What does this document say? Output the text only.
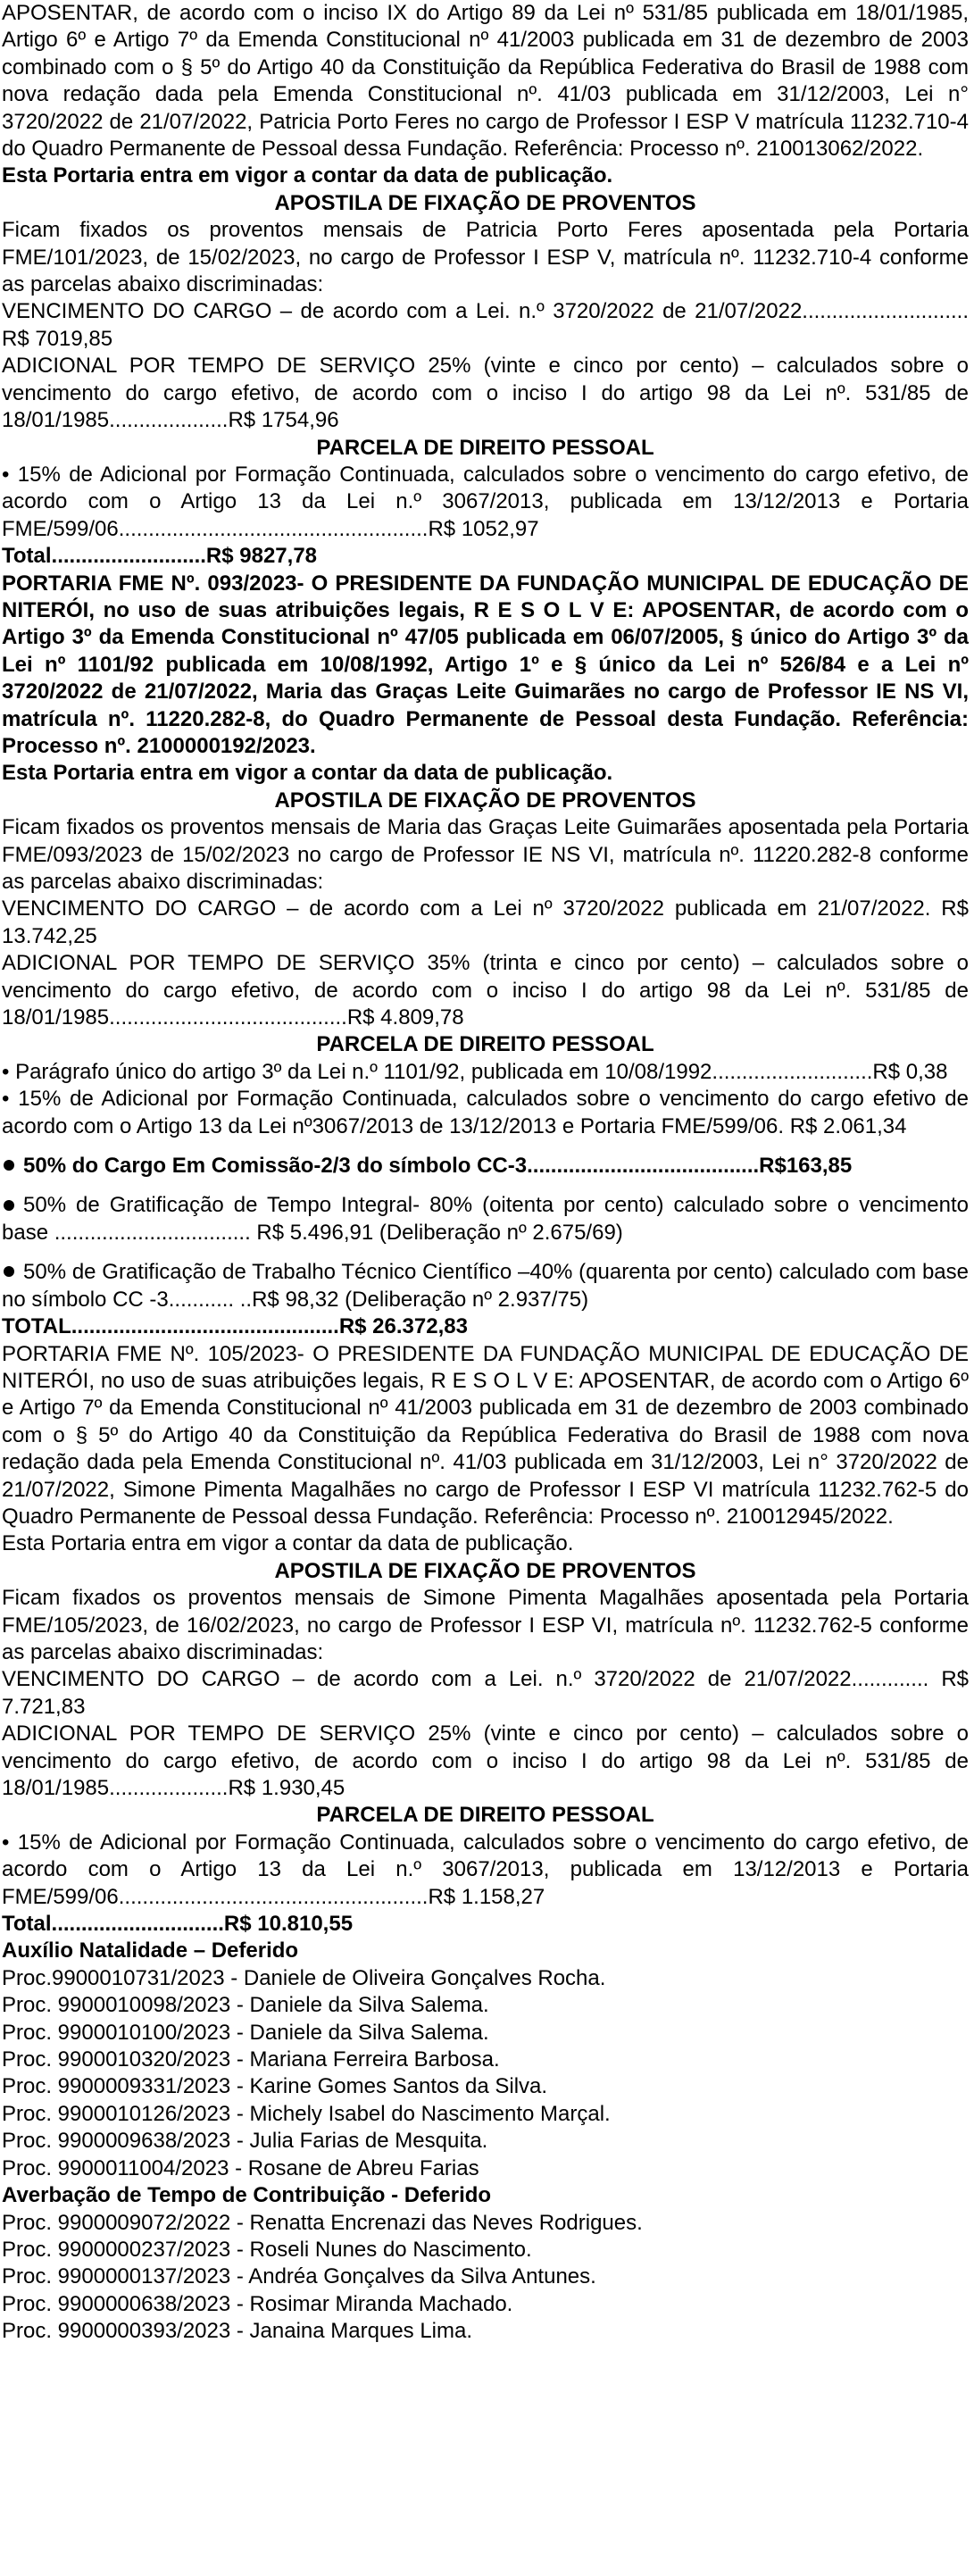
APOSENTAR, de acordo com o inciso IX do Artigo 89 da Lei nº 531/85 publicada em 18/01/1985, Artigo 6º e Artigo 7º da Emenda Constitucional nº 41/2003 publicada em 31 de dezembro de 2003 combinado com o § 5º do Artigo 40 da Constituição da República Federativa do Brasil de 1988 com nova redação dada pela Emenda Constitucional nº. 41/03 publicada em 31/12/2003, Lei n° 3720/2022 de 21/07/2022, Patricia Porto Feres no cargo de Professor I ESP V matrícula 11232.710-4 do Quadro Permanente de Pessoal dessa Fundação. Referência: Processo nº. 210013062/2022.

Esta Portaria entra em vigor a contar da data de publicação.

APOSTILA DE FIXAÇÃO DE PROVENTOS

Ficam fixados os proventos mensais de Patricia Porto Feres aposentada pela Portaria FME/101/2023, de 15/02/2023, no cargo de Professor I ESP V, matrícula nº. 11232.710-4 conforme as parcelas abaixo discriminadas:

VENCIMENTO DO CARGO – de acordo com a Lei. n.º 3720/2022 de 21/07/2022............................ R$ 7019,85

ADICIONAL POR TEMPO DE SERVIÇO 25% (vinte e cinco por cento) – calculados sobre o vencimento do cargo efetivo, de acordo com o inciso I do artigo 98 da Lei nº. 531/85 de 18/01/1985....................R$ 1754,96

PARCELA DE DIREITO PESSOAL

• 15% de Adicional por Formação Continuada, calculados sobre o vencimento do cargo efetivo, de acordo com o Artigo 13 da Lei n.º 3067/2013, publicada em 13/12/2013 e Portaria FME/599/06....................................................R$ 1052,97

Total..........................R$ 9827,78

PORTARIA FME Nº. 093/2023- O PRESIDENTE DA FUNDAÇÃO MUNICIPAL DE EDUCAÇÃO DE NITERÓI, no uso de suas atribuições legais, R E S O L V E: APOSENTAR, de acordo com o Artigo 3º da Emenda Constitucional nº 47/05 publicada em 06/07/2005, § único do Artigo 3º da Lei nº 1101/92 publicada em 10/08/1992, Artigo 1º e § único da Lei nº 526/84 e a Lei nº 3720/2022 de 21/07/2022, Maria das Graças Leite Guimarães no cargo de Professor IE NS VI, matrícula nº. 11220.282-8, do Quadro Permanente de Pessoal desta Fundação. Referência: Processo nº. 2100000192/2023.

Esta Portaria entra em vigor a contar da data de publicação.

APOSTILA DE FIXAÇÃO DE PROVENTOS

Ficam fixados os proventos mensais de Maria das Graças Leite Guimarães aposentada pela Portaria FME/093/2023 de 15/02/2023 no cargo de Professor IE NS VI, matrícula nº. 11220.282-8 conforme as parcelas abaixo discriminadas:

VENCIMENTO DO CARGO – de acordo com a Lei nº 3720/2022 publicada em 21/07/2022. R$ 13.742,25

ADICIONAL POR TEMPO DE SERVIÇO 35% (trinta e cinco por cento) – calculados sobre o vencimento do cargo efetivo, de acordo com o inciso I do artigo 98 da Lei nº. 531/85 de 18/01/1985........................................R$ 4.809,78

PARCELA DE DIREITO PESSOAL

• Parágrafo único do artigo 3º da Lei n.º 1101/92, publicada em 10/08/1992...........................R$ 0,38

• 15% de Adicional por Formação Continuada, calculados sobre o vencimento do cargo efetivo de acordo com o Artigo 13 da Lei nº3067/2013 de 13/12/2013 e Portaria FME/599/06. R$ 2.061,34

50% do Cargo Em Comissão-2/3 do símbolo CC-3.......................................R$163,85

50% de Gratificação de Tempo Integral- 80% (oitenta por cento) calculado sobre o vencimento base ................................. R$ 5.496,91 (Deliberação nº 2.675/69)

50% de Gratificação de Trabalho Técnico Científico –40% (quarenta por cento) calculado com base no símbolo CC -3........... ..R$ 98,32 (Deliberação nº 2.937/75)

TOTAL.............................................R$ 26.372,83

PORTARIA FME Nº. 105/2023- O PRESIDENTE DA FUNDAÇÃO MUNICIPAL DE EDUCAÇÃO DE NITERÓI, no uso de suas atribuições legais, R E S O L V E: APOSENTAR, de acordo com o Artigo 6º e Artigo 7º da Emenda Constitucional nº 41/2003 publicada em 31 de dezembro de 2003 combinado com o § 5º do Artigo 40 da Constituição da República Federativa do Brasil de 1988 com nova redação dada pela Emenda Constitucional nº. 41/03 publicada em 31/12/2003, Lei n° 3720/2022 de 21/07/2022, Simone Pimenta Magalhães no cargo de Professor I ESP VI matrícula 11232.762-5 do Quadro Permanente de Pessoal dessa Fundação. Referência: Processo nº. 210012945/2022.

Esta Portaria entra em vigor a contar da data de publicação.

APOSTILA DE FIXAÇÃO DE PROVENTOS

Ficam fixados os proventos mensais de Simone Pimenta Magalhães aposentada pela Portaria FME/105/2023, de 16/02/2023, no cargo de Professor I ESP VI, matrícula nº. 11232.762-5 conforme as parcelas abaixo discriminadas:

VENCIMENTO DO CARGO – de acordo com a Lei. n.º 3720/2022 de 21/07/2022............. R$ 7.721,83

ADICIONAL POR TEMPO DE SERVIÇO 25% (vinte e cinco por cento) – calculados sobre o vencimento do cargo efetivo, de acordo com o inciso I do artigo 98 da Lei nº. 531/85 de 18/01/1985....................R$ 1.930,45

PARCELA DE DIREITO PESSOAL

• 15% de Adicional por Formação Continuada, calculados sobre o vencimento do cargo efetivo, de acordo com o Artigo 13 da Lei n.º 3067/2013, publicada em 13/12/2013 e Portaria FME/599/06....................................................R$ 1.158,27

Total.............................R$ 10.810,55

Auxílio Natalidade – Deferido

Proc.9900010731/2023 - Daniele de Oliveira Gonçalves Rocha.

Proc. 9900010098/2023 - Daniele da Silva Salema.

Proc. 9900010100/2023 - Daniele da Silva Salema.

Proc. 9900010320/2023 - Mariana Ferreira Barbosa.

Proc. 9900009331/2023 - Karine Gomes Santos da Silva.

Proc. 9900010126/2023 - Michely Isabel do Nascimento Marçal.

Proc. 9900009638/2023 - Julia Farias de Mesquita.

Proc. 9900011004/2023 - Rosane de Abreu Farias

Averbação de Tempo de Contribuição - Deferido

Proc. 9900009072/2022 - Renatta Encrenazi das Neves Rodrigues.

Proc. 9900000237/2023 - Roseli Nunes do Nascimento.

Proc. 9900000137/2023 - Andréa Gonçalves da Silva Antunes.

Proc. 9900000638/2023 - Rosimar Miranda Machado.

Proc. 9900000393/2023 - Janaina Marques Lima.
